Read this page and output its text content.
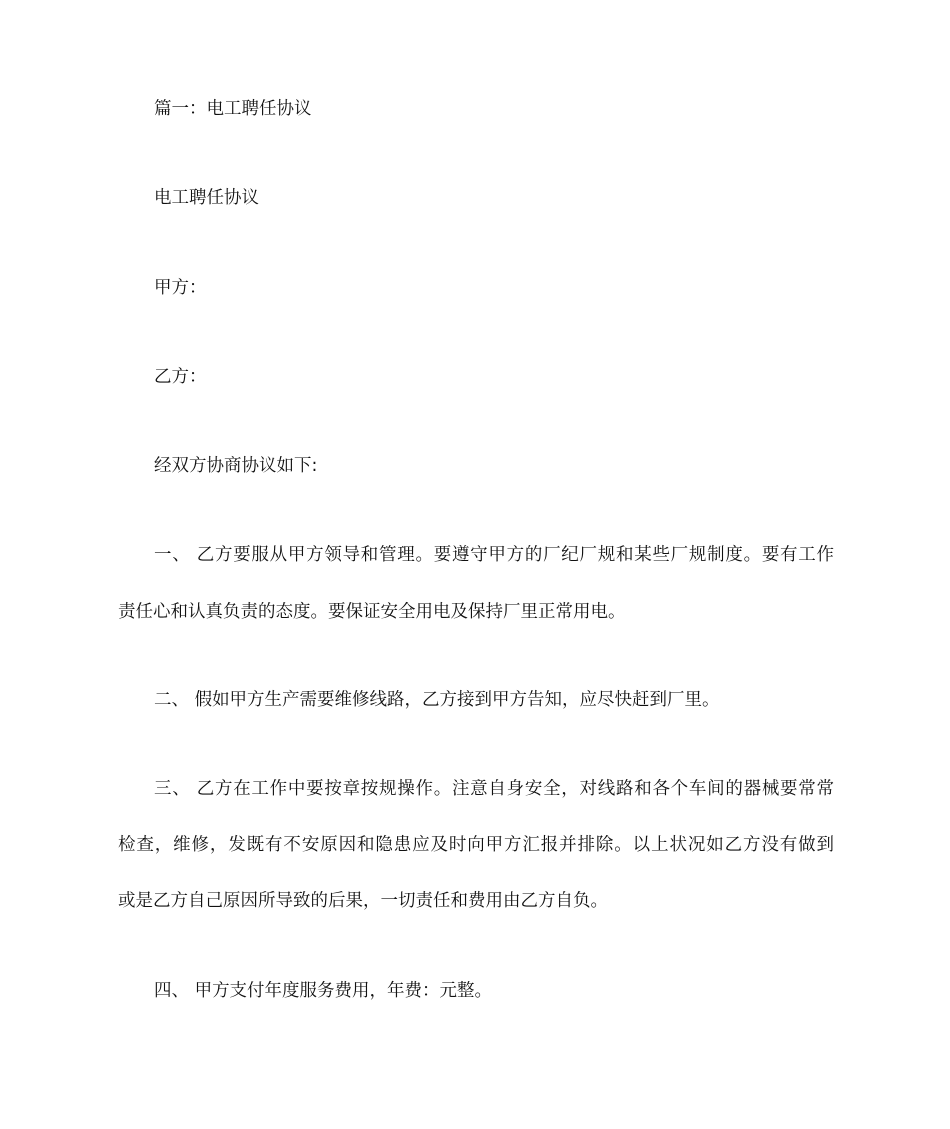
篇一：电工聘任协议
电工聘任协议
甲方：
乙方：
经双方协商协议如下:
一、 乙方要服从甲方领导和管理。要遵守甲方的厂纪厂规和某些厂规制度。要有工作
责任心和认真负责的态度。要保证安全用电及保持厂里正常用电。
二、 假如甲方生产需要维修线路，乙方接到甲方告知，应尽快赶到厂里。
三、 乙方在工作中要按章按规操作。注意自身安全，对线路和各个车间的器械要常常
检查，维修，发既有不安原因和隐患应及时向甲方汇报并排除。以上状况如乙方没有做到
或是乙方自己原因所导致的后果，一切责任和费用由乙方自负。
四、 甲方支付年度服务费用，年费：元整。
